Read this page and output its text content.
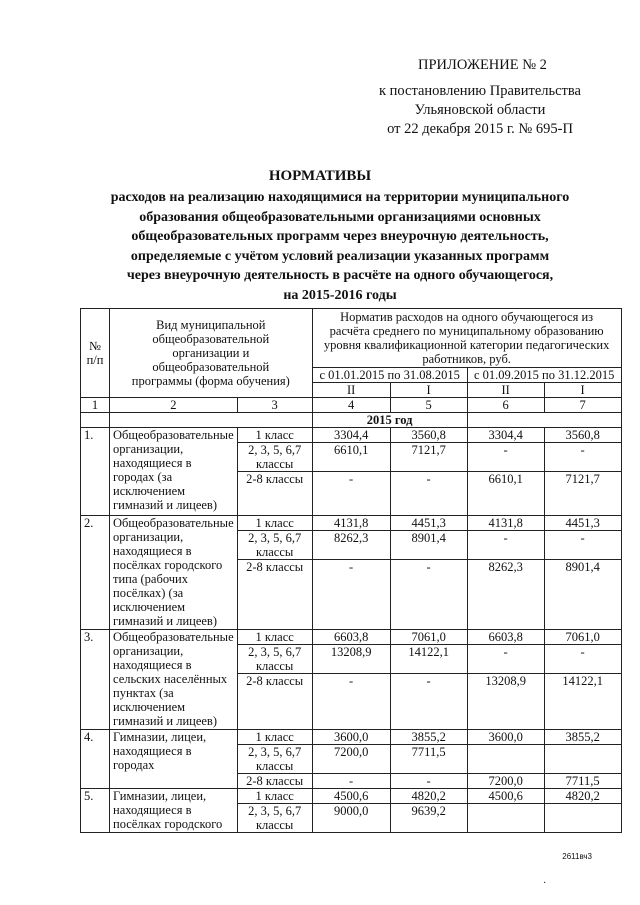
ПРИЛОЖЕНИЕ № 2
к постановлению Правительства
Ульяновской области
от 22 декабря 2015 г. № 695-П
НОРМАТИВЫ
расходов на реализацию находящимися на территории муниципального
образования общеобразовательными организациями основных
общеобразовательных программ через внеурочную деятельность,
определяемые с учётом условий реализации указанных программ
через внеурочную деятельность в расчёте на одного обучающегося,
на 2015-2016 годы
№ п/п	Вид муниципальной общеобразовательной организации и общеобразовательной программы (форма обучения)		Норматив расходов на одного обучающегося из расчёта среднего по муниципальному образованию уровня квалификационной категории педагогических работников, руб.			
			с 01.01.2015 по 31.08.2015		с 01.09.2015 по 31.12.2015	
			II	I	II	I
1	2	3	4	5	6	7
			2015 год			
1.	Общеобразовательные организации, находящиеся в городах (за исключением гимназий и лицеев)	1 класс	3304,4	3560,8	3304,4	3560,8
		2, 3, 5, 6,7 классы	6610,1	7121,7	-	-
		2-8 классы	-	-	6610,1	7121,7
2.	Общеобразовательные организации, находящиеся в посёлках городского типа (рабочих посёлках) (за исключением гимназий и лицеев)	1 класс	4131,8	4451,3	4131,8	4451,3
		2, 3, 5, 6,7 классы	8262,3	8901,4	-	-
		2-8 классы	-	-	8262,3	8901,4
3.	Общеобразовательные организации, находящиеся в сельских населённых пунктах (за исключением гимназий и лицеев)	1 класс	6603,8	7061,0	6603,8	7061,0
		2, 3, 5, 6,7 классы	13208,9	14122,1	-	-
		2-8 классы	-	-	13208,9	14122,1
4.	Гимназии, лицеи, находящиеся в городах	1 класс	3600,0	3855,2	3600,0	3855,2
		2, 3, 5, 6,7 классы	7200,0	7711,5		
		2-8 классы	-	-	7200,0	7711,5
5.	Гимназии, лицеи, находящиеся в посёлках городского	1 класс	4500,6	4820,2	4500,6	4820,2
		2, 3, 5, 6,7 классы	9000,0	9639,2		
2611вч3
·
